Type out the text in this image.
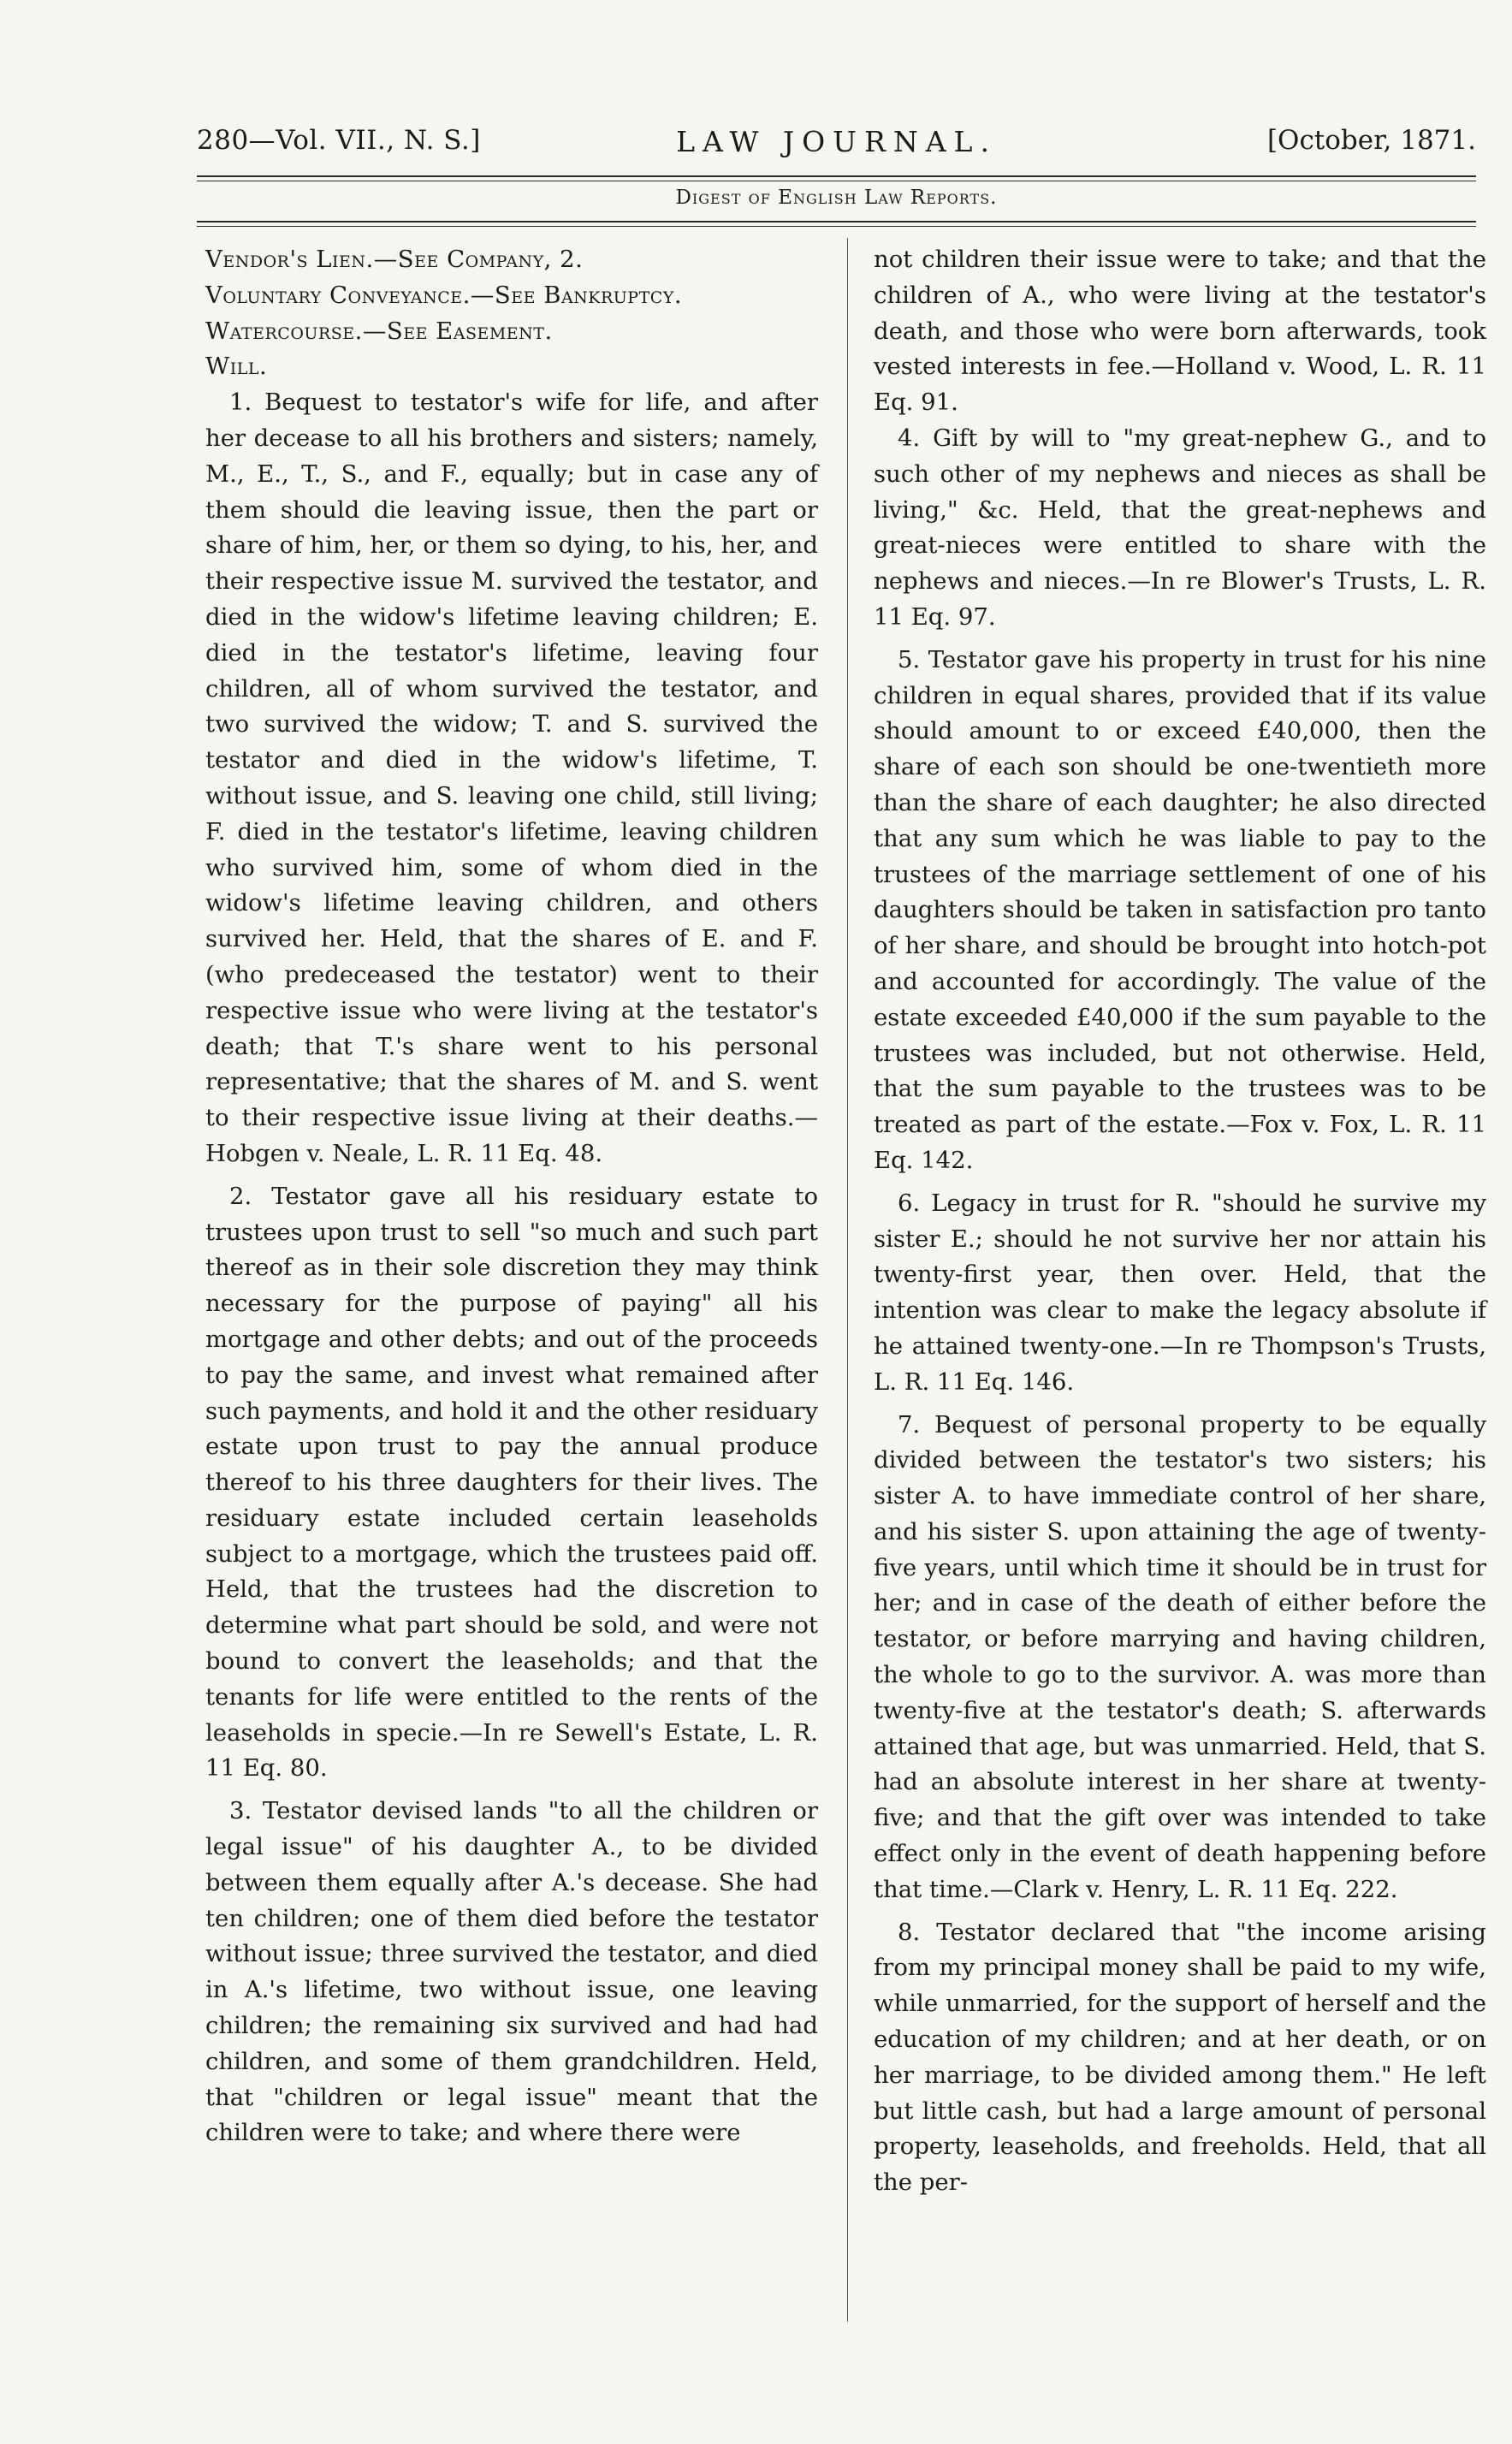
280—Vol. VII., N. S.]	LAW JOURNAL.	[October, 1871.
Digest of English Law Reports.

Vendor's Lien.—See Company, 2.

Voluntary Conveyance.—See Bankruptcy.

Watercourse.—See Easement.

Will.

1. Bequest to testator's wife for life, and after her decease to all his brothers and sisters; namely, M., E., T., S., and F., equally; but in case any of them should die leaving issue, then the part or share of him, her, or them so dying, to his, her, and their respective issue M. survived the testator, and died in the widow's lifetime leaving children; E. died in the testator's lifetime, leaving four children, all of whom survived the testator, and two survived the widow; T. and S. survived the testator and died in the widow's lifetime, T. without issue, and S. leaving one child, still living; F. died in the testator's lifetime, leaving children who survived him, some of whom died in the widow's lifetime leaving children, and others survived her. Held, that the shares of E. and F. (who predeceased the testator) went to their respective issue who were living at the testator's death; that T.'s share went to his personal representative; that the shares of M. and S. went to their respective issue living at their deaths.—Hobgen v. Neale, L. R. 11 Eq. 48.

2. Testator gave all his residuary estate to trustees upon trust to sell "so much and such part thereof as in their sole discretion they may think necessary for the purpose of paying" all his mortgage and other debts; and out of the proceeds to pay the same, and invest what remained after such payments, and hold it and the other residuary estate upon trust to pay the annual produce thereof to his three daughters for their lives. The residuary estate included certain leaseholds subject to a mortgage, which the trustees paid off. Held, that the trustees had the discretion to determine what part should be sold, and were not bound to convert the leaseholds; and that the tenants for life were entitled to the rents of the leaseholds in specie.—In re Sewell's Estate, L. R. 11 Eq. 80.

3. Testator devised lands "to all the children or legal issue" of his daughter A., to be divided between them equally after A.'s decease. She had ten children; one of them died before the testator without issue; three survived the testator, and died in A.'s lifetime, two without issue, one leaving children; the remaining six survived and had had children, and some of them grandchildren. Held, that "children or legal issue" meant that the children were to take; and where there were

not children their issue were to take; and that the children of A., who were living at the testator's death, and those who were born afterwards, took vested interests in fee.—Holland v. Wood, L. R. 11 Eq. 91.

4. Gift by will to "my great-nephew G., and to such other of my nephews and nieces as shall be living," &c. Held, that the great-nephews and great-nieces were entitled to share with the nephews and nieces.—In re Blower's Trusts, L. R. 11 Eq. 97.

5. Testator gave his property in trust for his nine children in equal shares, provided that if its value should amount to or exceed £40,000, then the share of each son should be one-twentieth more than the share of each daughter; he also directed that any sum which he was liable to pay to the trustees of the marriage settlement of one of his daughters should be taken in satisfaction pro tanto of her share, and should be brought into hotch-pot and accounted for accordingly. The value of the estate exceeded £40,000 if the sum payable to the trustees was included, but not otherwise. Held, that the sum payable to the trustees was to be treated as part of the estate.—Fox v. Fox, L. R. 11 Eq. 142.

6. Legacy in trust for R. "should he survive my sister E.; should he not survive her nor attain his twenty-first year, then over. Held, that the intention was clear to make the legacy absolute if he attained twenty-one.—In re Thompson's Trusts, L. R. 11 Eq. 146.

7. Bequest of personal property to be equally divided between the testator's two sisters; his sister A. to have immediate control of her share, and his sister S. upon attaining the age of twenty-five years, until which time it should be in trust for her; and in case of the death of either before the testator, or before marrying and having children, the whole to go to the survivor. A. was more than twenty-five at the testator's death; S. afterwards attained that age, but was unmarried. Held, that S. had an absolute interest in her share at twenty-five; and that the gift over was intended to take effect only in the event of death happening before that time.—Clark v. Henry, L. R. 11 Eq. 222.

8. Testator declared that "the income arising from my principal money shall be paid to my wife, while unmarried, for the support of herself and the education of my children; and at her death, or on her marriage, to be divided among them." He left but little cash, but had a large amount of personal property, leaseholds, and freeholds. Held, that all the per-
